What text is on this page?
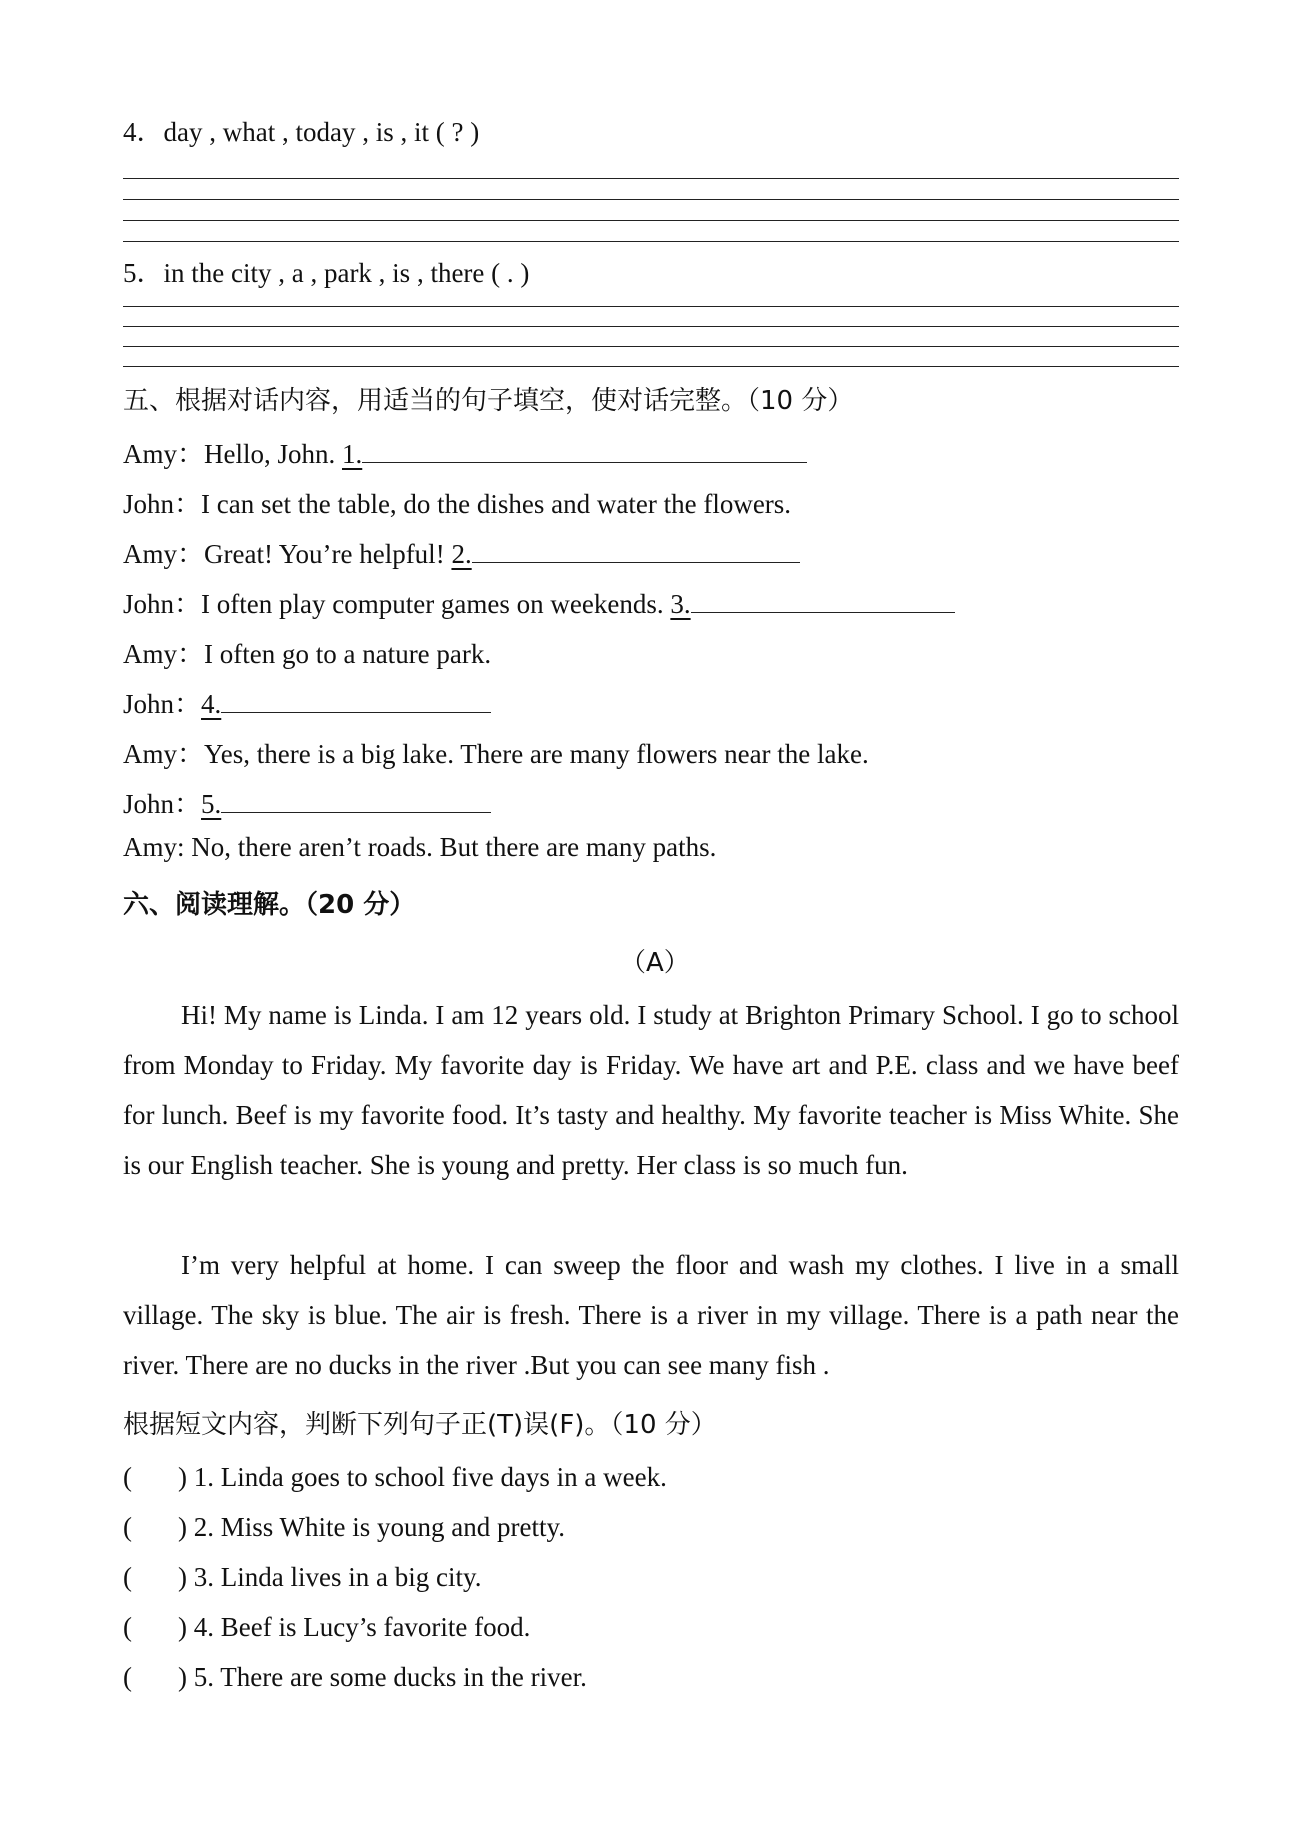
4．day , what , today , is , it ( ? )
5．in the city , a , park , is , there ( . )
五、根据对话内容，用适当的句子填空，使对话完整。（10 分）
Amy：Hello, John. 1.
John：I can set the table, do the dishes and water the flowers.
Amy：Great! You’re helpful! 2.
John：I often play computer games on weekends. 3.
Amy：I often go to a nature park.
John：4.
Amy：Yes, there is a big lake. There are many flowers near the lake.
John：5.
Amy: No, there aren’t roads. But there are many paths.
六、阅读理解。（20 分）
（A）
Hi! My name is Linda. I am 12 years old. I study at Brighton Primary School. I go to school from Monday to Friday. My favorite day is Friday. We have art and P.E. class and we have beef for lunch. Beef is my favorite food. It’s tasty and healthy. My favorite teacher is Miss White. She is our English teacher. She is young and pretty. Her class is so much fun.
I’m very helpful at home. I can sweep the floor and wash my clothes. I live in a small village. The sky is blue. The air is fresh. There is a river in my village. There is a path near the river. There are no ducks in the river .But you can see many fish .
根据短文内容，判断下列句子正(T)误(F)。（10 分）
( ) 1. Linda goes to school five days in a week.
( ) 2. Miss White is young and pretty.
( ) 3. Linda lives in a big city.
( ) 4. Beef is Lucy’s favorite food.
( ) 5. There are some ducks in the river.
